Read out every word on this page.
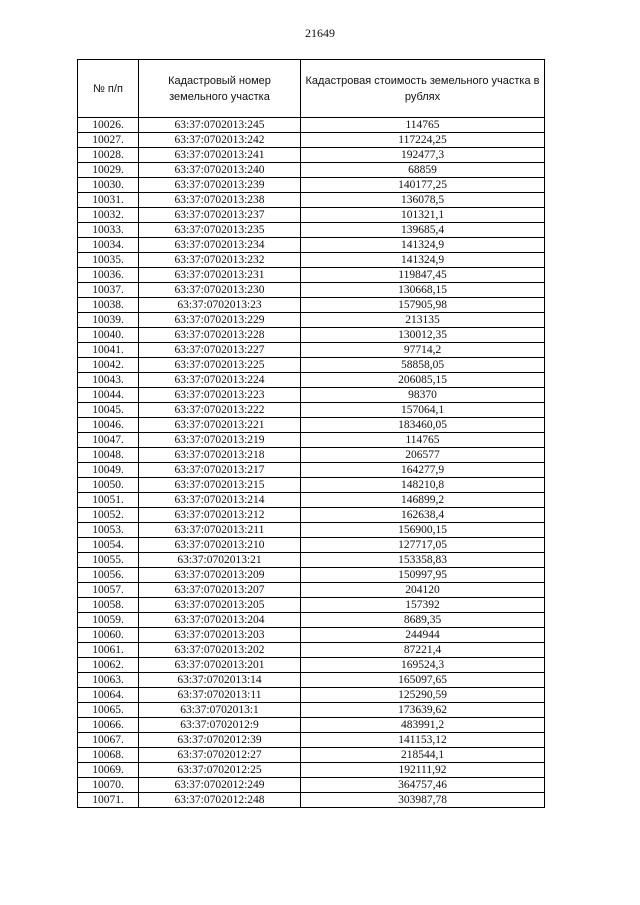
21649
№ п/п	Кадастровый номер земельного участка	Кадастровая стоимость земельного участка в рублях
10026.	63:37:0702013:245	114765
10027.	63:37:0702013:242	117224,25
10028.	63:37:0702013:241	192477,3
10029.	63:37:0702013:240	68859
10030.	63:37:0702013:239	140177,25
10031.	63:37:0702013:238	136078,5
10032.	63:37:0702013:237	101321,1
10033.	63:37:0702013:235	139685,4
10034.	63:37:0702013:234	141324,9
10035.	63:37:0702013:232	141324,9
10036.	63:37:0702013:231	119847,45
10037.	63:37:0702013:230	130668,15
10038.	63:37:0702013:23	157905,98
10039.	63:37:0702013:229	213135
10040.	63:37:0702013:228	130012,35
10041.	63:37:0702013:227	97714,2
10042.	63:37:0702013:225	58858,05
10043.	63:37:0702013:224	206085,15
10044.	63:37:0702013:223	98370
10045.	63:37:0702013:222	157064,1
10046.	63:37:0702013:221	183460,05
10047.	63:37:0702013:219	114765
10048.	63:37:0702013:218	206577
10049.	63:37:0702013:217	164277,9
10050.	63:37:0702013:215	148210,8
10051.	63:37:0702013:214	146899,2
10052.	63:37:0702013:212	162638,4
10053.	63:37:0702013:211	156900,15
10054.	63:37:0702013:210	127717,05
10055.	63:37:0702013:21	153358,83
10056.	63:37:0702013:209	150997,95
10057.	63:37:0702013:207	204120
10058.	63:37:0702013:205	157392
10059.	63:37:0702013:204	8689,35
10060.	63:37:0702013:203	244944
10061.	63:37:0702013:202	87221,4
10062.	63:37:0702013:201	169524,3
10063.	63:37:0702013:14	165097,65
10064.	63:37:0702013:11	125290,59
10065.	63:37:0702013:1	173639,62
10066.	63:37:0702012:9	483991,2
10067.	63:37:0702012:39	141153,12
10068.	63:37:0702012:27	218544,1
10069.	63:37:0702012:25	192111,92
10070.	63:37:0702012:249	364757,46
10071.	63:37:0702012:248	303987,78
